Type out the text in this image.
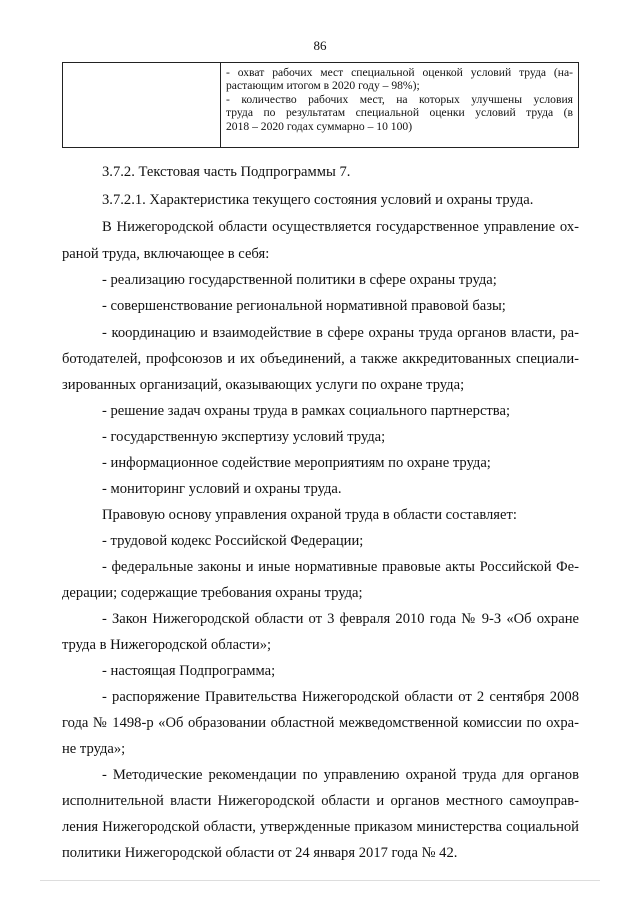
86
- охват рабочих мест специальной оценкой условий труда (на-
растающим итогом в 2020 году – 98%);
- количество рабочих мест, на которых улучшены условия
труда по результатам специальной оценки условий труда (в
2018 – 2020 годах суммарно – 10 100)
3.7.2. Текстовая часть Подпрограммы 7.
3.7.2.1. Характеристика текущего состояния условий и охраны труда.
В Нижегородской области осуществляется государственное управление ох-
раной труда, включающее в себя:
- реализацию государственной политики в сфере охраны труда;
- совершенствование региональной нормативной правовой базы;
- координацию и взаимодействие в сфере охраны труда органов власти, ра-
ботодателей, профсоюзов и их объединений, а также аккредитованных специали-
зированных организаций, оказывающих услуги по охране труда;
- решение задач охраны труда в рамках социального партнерства;
- государственную экспертизу условий труда;
- информационное содействие мероприятиям по охране труда;
- мониторинг условий и охраны труда.
Правовую основу управления охраной труда в области составляет:
- трудовой кодекс Российской Федерации;
- федеральные законы и иные нормативные правовые акты Российской Фе-
дерации; содержащие требования охраны труда;
- Закон Нижегородской области от 3 февраля 2010 года № 9-З «Об охране
труда в Нижегородской области»;
- настоящая Подпрограмма;
- распоряжение Правительства Нижегородской области от 2 сентября 2008
года № 1498-р «Об образовании областной межведомственной комиссии по охра-
не труда»;
- Методические рекомендации по управлению охраной труда для органов
исполнительной власти Нижегородской области и органов местного самоуправ-
ления Нижегородской области, утвержденные приказом министерства социальной
политики Нижегородской области от 24 января 2017 года № 42.
